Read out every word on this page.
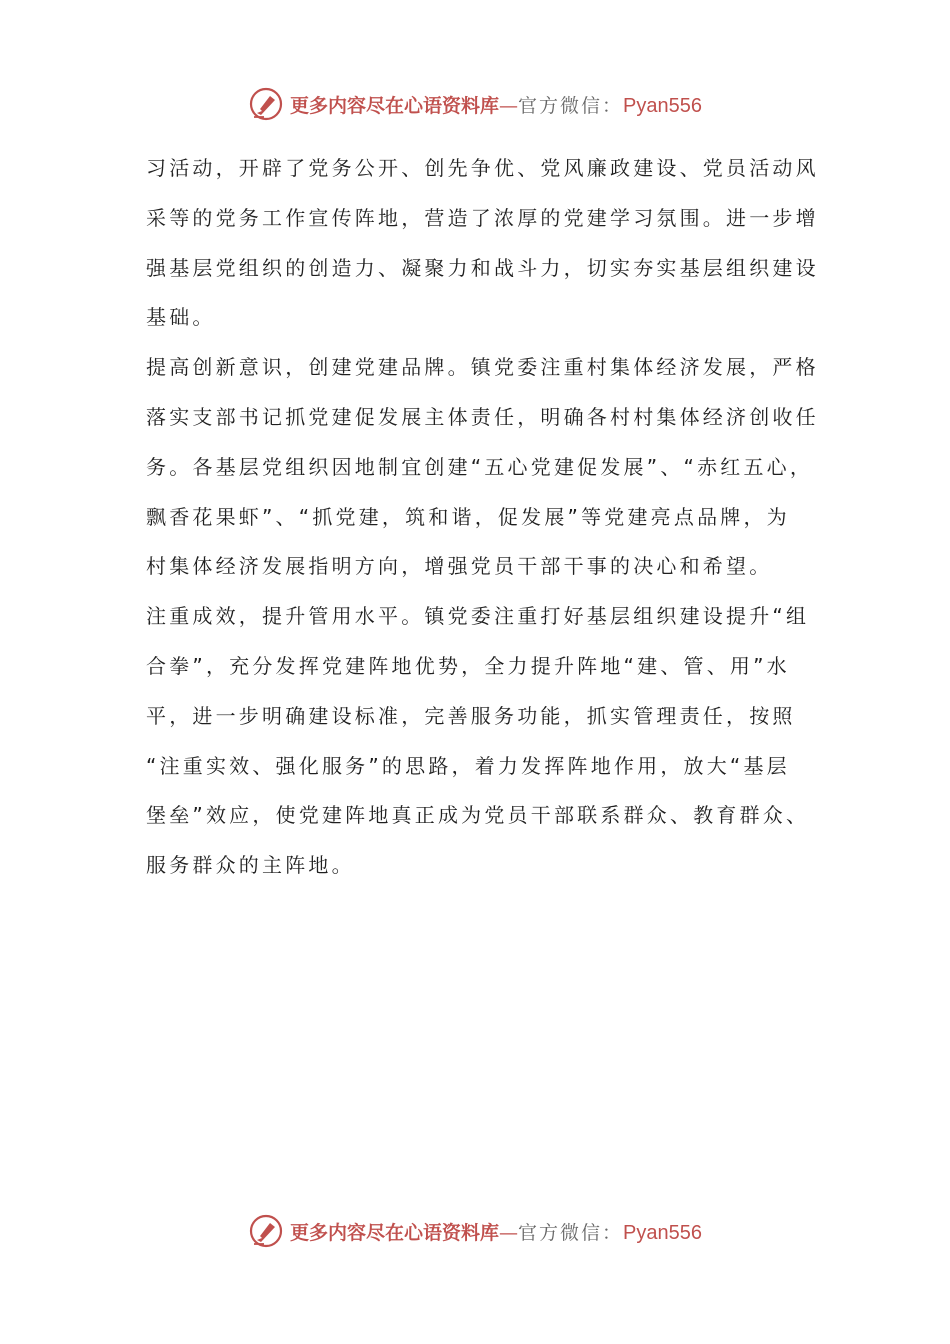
更多内容尽在心语资料库 — 官方微信： Pyan556
习活动，开辟了党务公开、创先争优、党风廉政建设、党员活动风
采等的党务工作宣传阵地，营造了浓厚的党建学习氛围。进一步增
强基层党组织的创造力、凝聚力和战斗力，切实夯实基层组织建设
基础。
提高创新意识，创建党建品牌。镇党委注重村集体经济发展，严格
落实支部书记抓党建促发展主体责任，明确各村村集体经济创收任
务。各基层党组织因地制宜创建“五心党建促发展”、“赤红五心，
飘香花果虾”、“抓党建，筑和谐，促发展”等党建亮点品牌，为
村集体经济发展指明方向，增强党员干部干事的决心和希望。
注重成效，提升管用水平。镇党委注重打好基层组织建设提升“组
合拳”，充分发挥党建阵地优势，全力提升阵地“建、管、用”水
平，进一步明确建设标准，完善服务功能，抓实管理责任，按照
“注重实效、强化服务”的思路，着力发挥阵地作用，放大“基层
堡垒”效应，使党建阵地真正成为党员干部联系群众、教育群众、
服务群众的主阵地。
更多内容尽在心语资料库 — 官方微信： Pyan556
